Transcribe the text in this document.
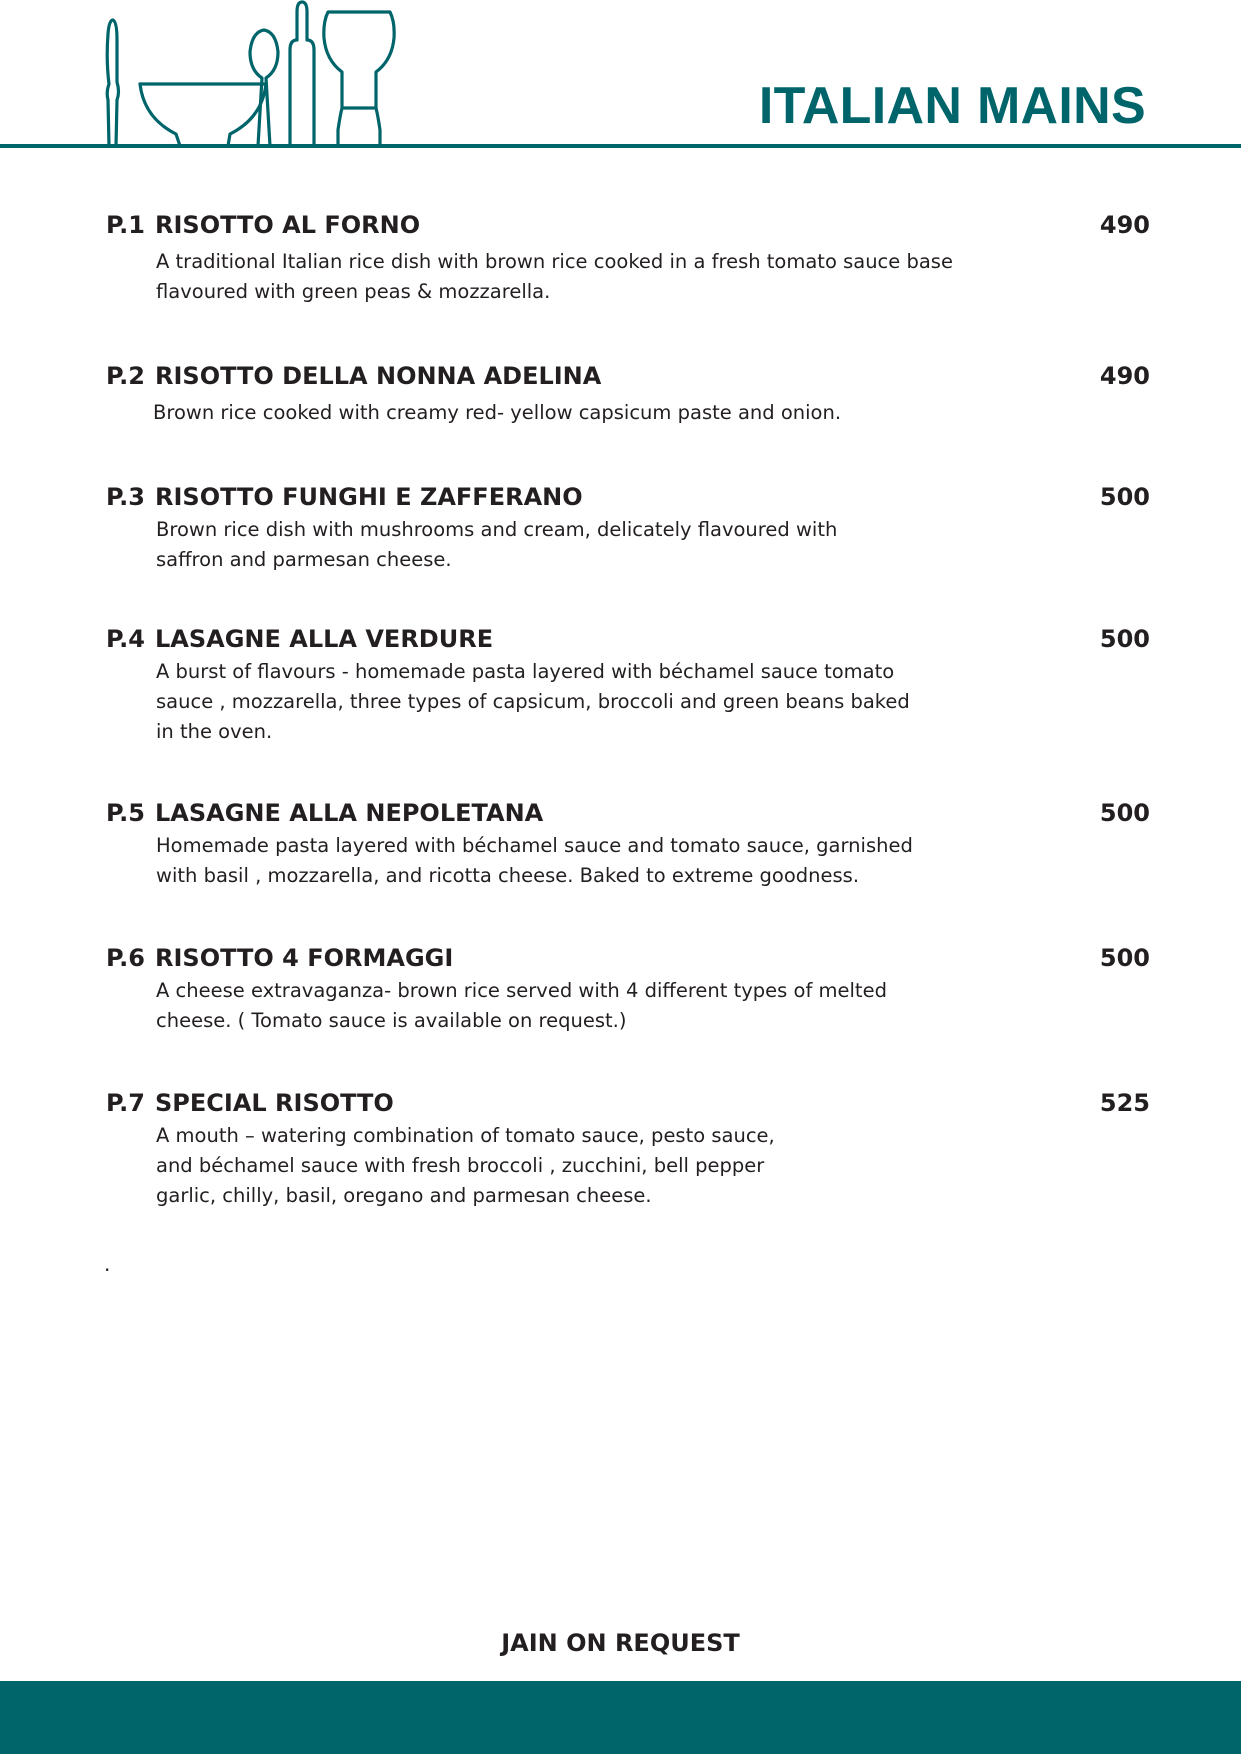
ITALIAN MAINS
P.1 RISOTTO AL FORNO	490

A traditional Italian rice dish with brown rice cooked in a fresh tomato sauce base
flavoured with green peas & mozzarella.

P.2 RISOTTO DELLA NONNA ADELINA	490

Brown rice cooked with creamy red- yellow capsicum paste and onion.

P.3 RISOTTO FUNGHI E ZAFFERANO	500

Brown rice dish with mushrooms and cream, delicately flavoured with
saffron and parmesan cheese.

P.4 LASAGNE ALLA VERDURE	500

A burst of flavours - homemade pasta layered with béchamel sauce tomato
sauce , mozzarella, three types of capsicum, broccoli and green beans baked
in the oven.

P.5 LASAGNE ALLA NEPOLETANA	500

Homemade pasta layered with béchamel sauce and tomato sauce, garnished
with basil , mozzarella, and ricotta cheese. Baked to extreme goodness.

P.6 RISOTTO 4 FORMAGGI	500

A cheese extravaganza- brown rice served with 4 different types of melted
cheese. ( Tomato sauce is available on request.)

P.7 SPECIAL RISOTTO	525

A mouth – watering combination of tomato sauce, pesto sauce,
and béchamel sauce with fresh broccoli , zucchini, bell pepper
garlic, chilly, basil, oregano and parmesan cheese.

.
JAIN ON REQUEST
